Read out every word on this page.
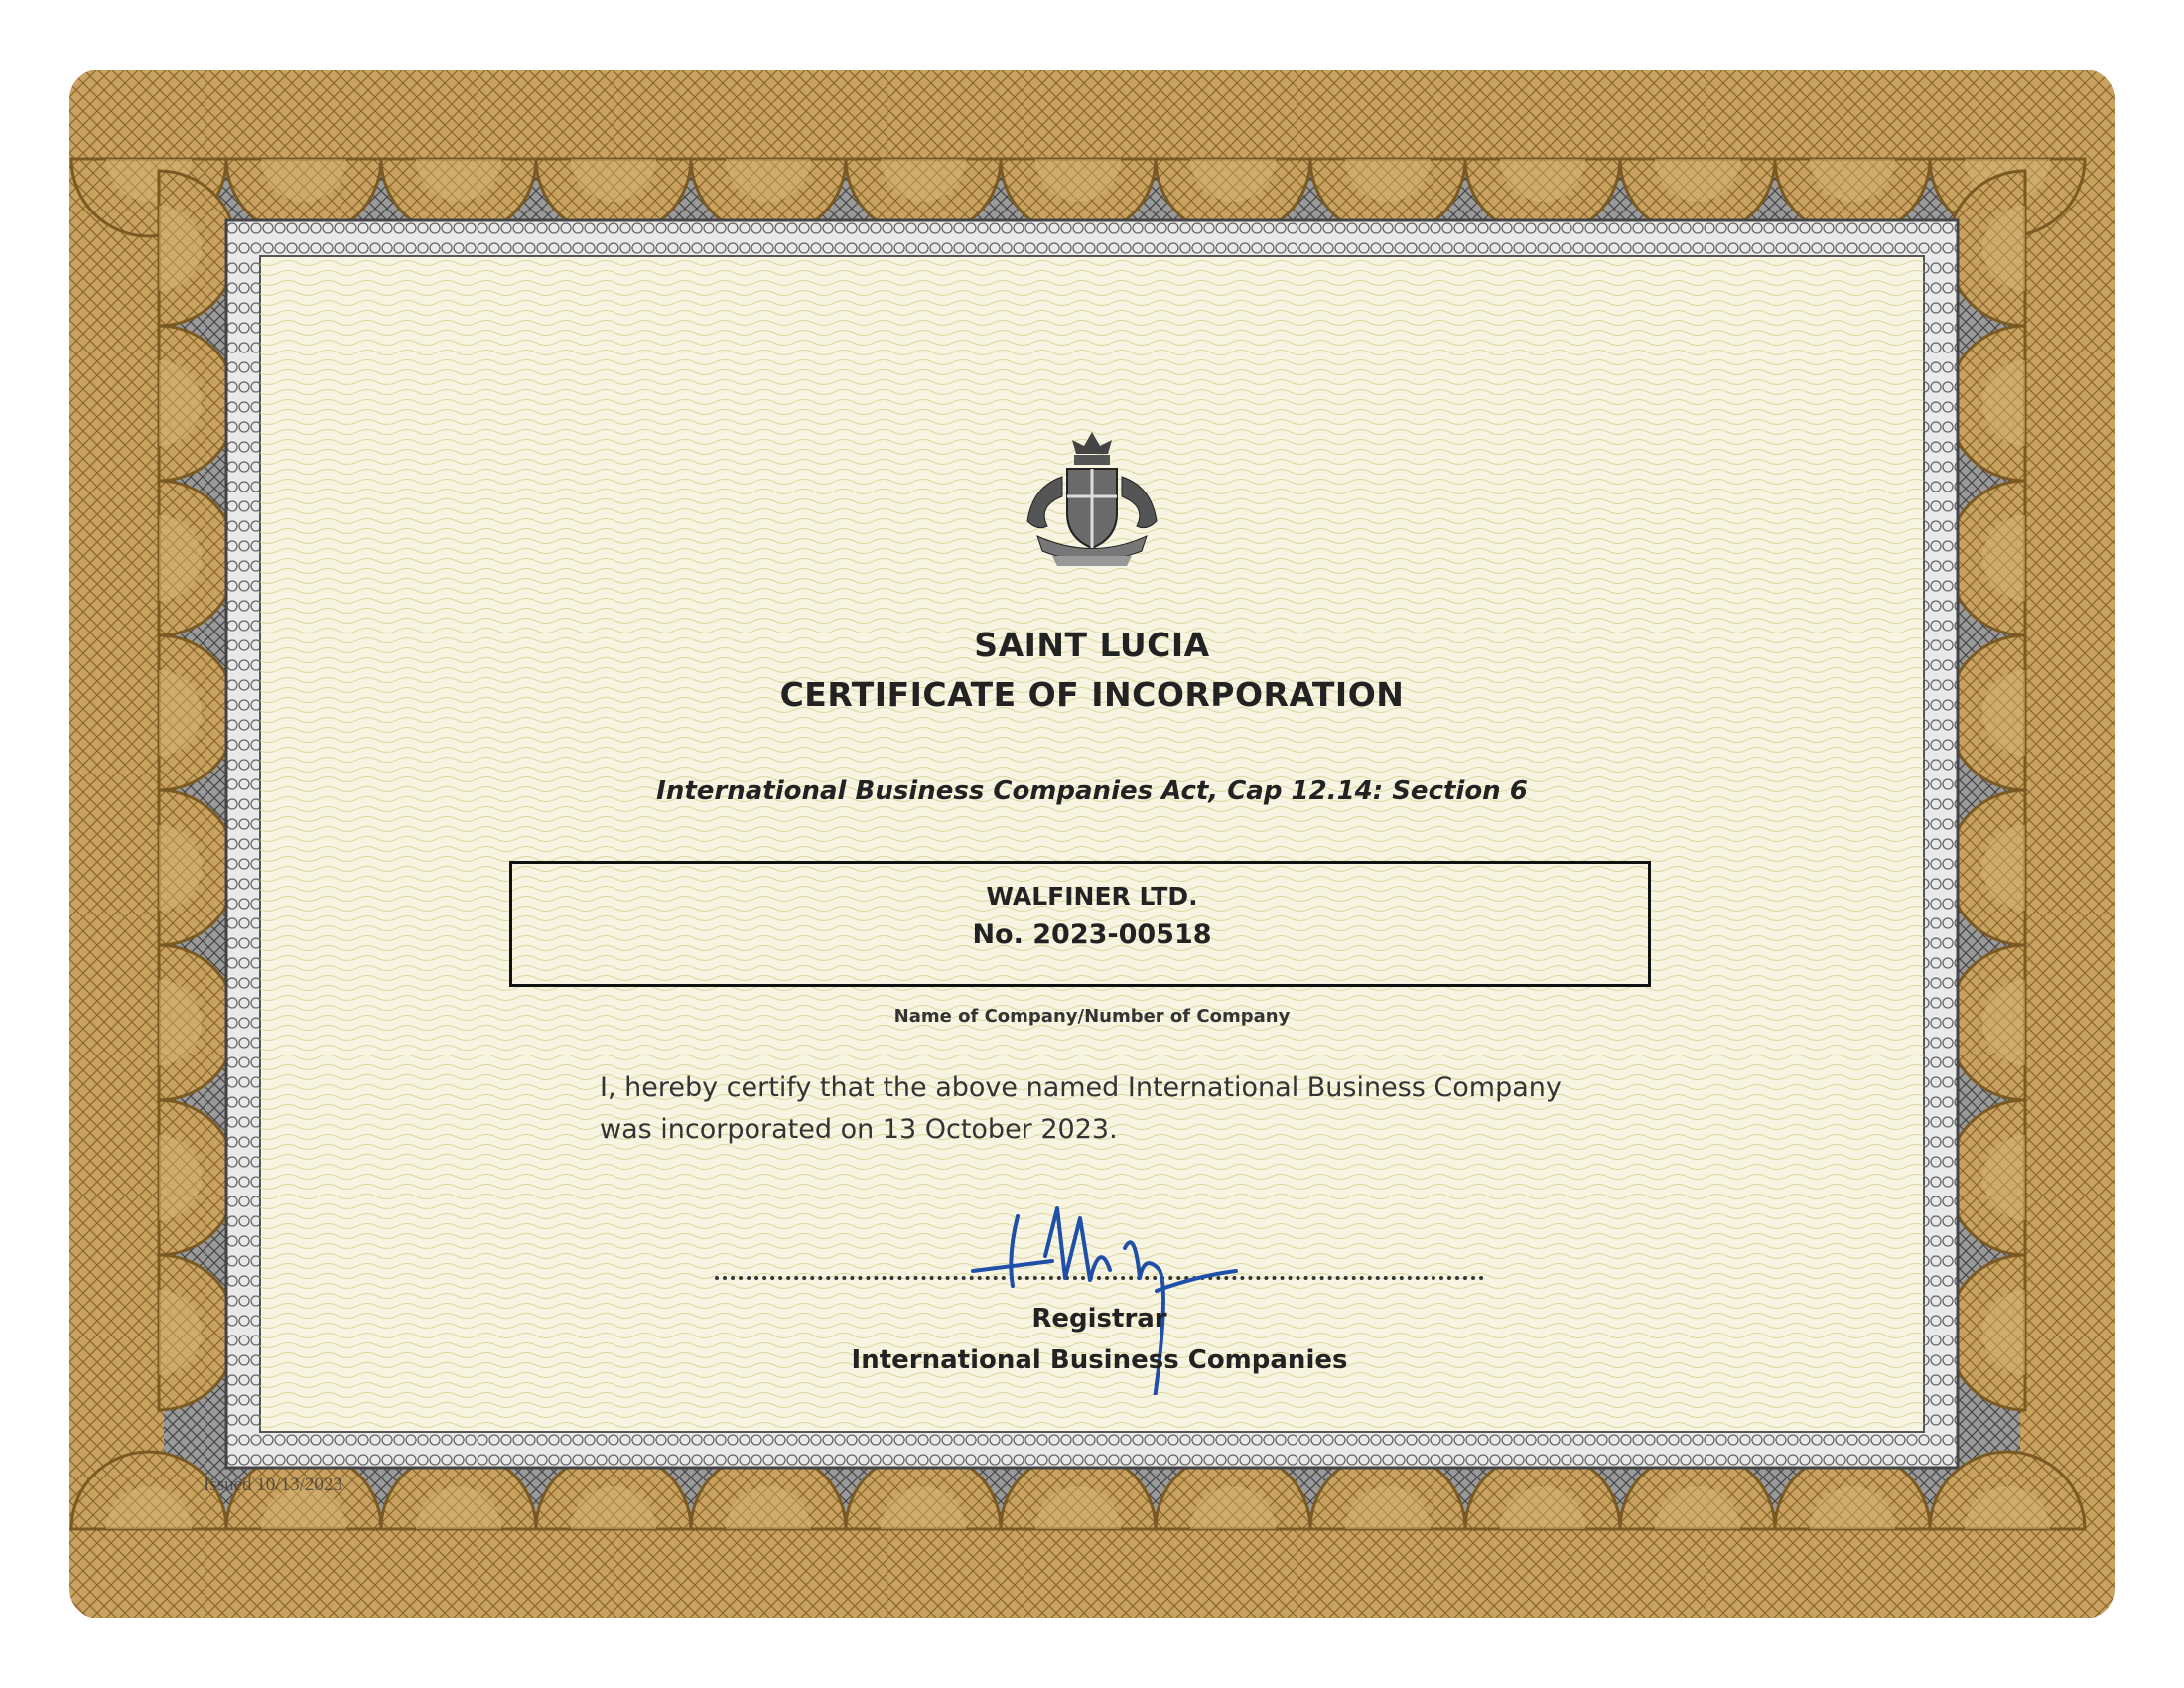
SAINT LUCIA
CERTIFICATE OF INCORPORATION
International Business Companies Act, Cap 12.14: Section 6
WALFINER LTD.
No. 2023-00518
Name of Company/Number of Company
I, hereby certify that the above named International Business Company
was incorporated on 13 October 2023.
Registrar
International Business Companies
Issued 10/13/2023
